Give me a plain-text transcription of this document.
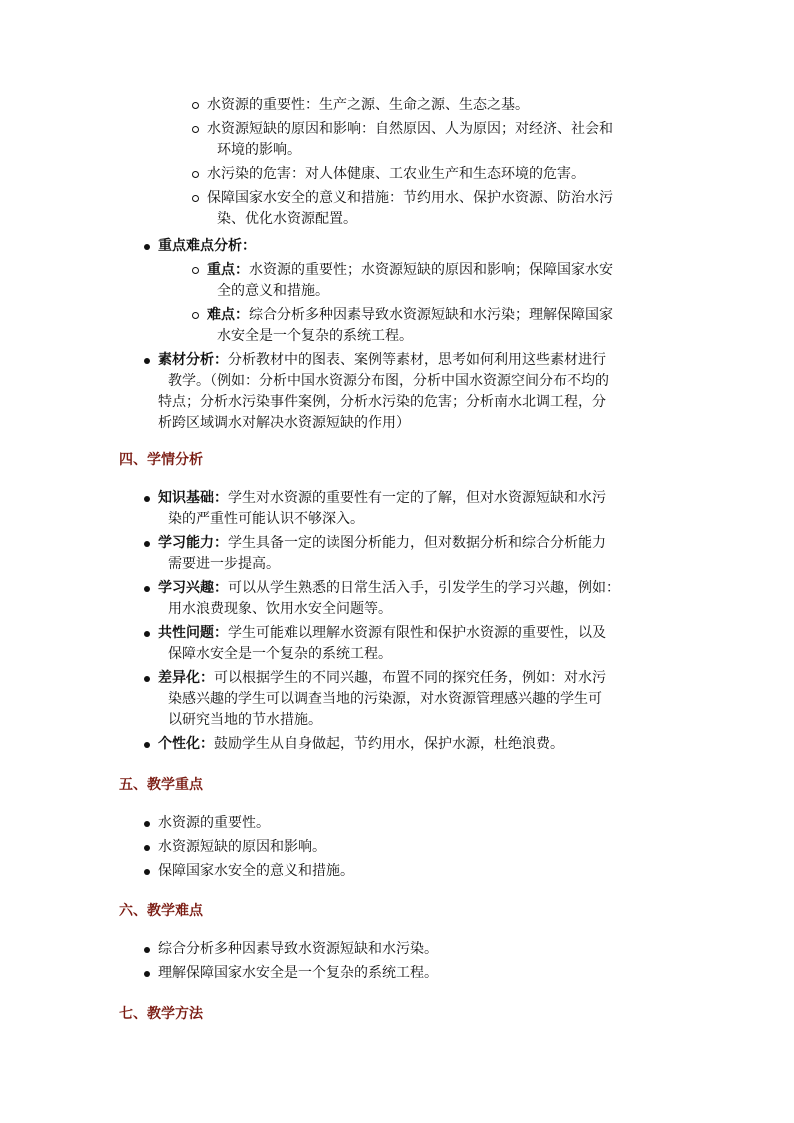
水资源的重要性：生产之源、生命之源、生态之基。
水资源短缺的原因和影响：自然原因、人为原因；对经济、社会和
环境的影响。
水污染的危害：对人体健康、工农业生产和生态环境的危害。
保障国家水安全的意义和措施：节约用水、保护水资源、防治水污
染、优化水资源配置。
重点难点分析：
重点：水资源的重要性；水资源短缺的原因和影响；保障国家水安
全的意义和措施。
难点：综合分析多种因素导致水资源短缺和水污染；理解保障国家
水安全是一个复杂的系统工程。
素材分析：分析教材中的图表、案例等素材，思考如何利用这些素材进行
教学。（例如：分析中国水资源分布图，分析中国水资源空间分布不均的
特点；分析水污染事件案例，分析水污染的危害；分析南水北调工程，分
析跨区域调水对解决水资源短缺的作用）
四、学情分析
知识基础：学生对水资源的重要性有一定的了解，但对水资源短缺和水污
染的严重性可能认识不够深入。
学习能力：学生具备一定的读图分析能力，但对数据分析和综合分析能力
需要进一步提高。
学习兴趣：可以从学生熟悉的日常生活入手，引发学生的学习兴趣，例如：
用水浪费现象、饮用水安全问题等。
共性问题：学生可能难以理解水资源有限性和保护水资源的重要性，以及
保障水安全是一个复杂的系统工程。
差异化：可以根据学生的不同兴趣，布置不同的探究任务，例如：对水污
染感兴趣的学生可以调查当地的污染源，对水资源管理感兴趣的学生可
以研究当地的节水措施。
个性化：鼓励学生从自身做起，节约用水，保护水源，杜绝浪费。
五、教学重点
水资源的重要性。
水资源短缺的原因和影响。
保障国家水安全的意义和措施。
六、教学难点
综合分析多种因素导致水资源短缺和水污染。
理解保障国家水安全是一个复杂的系统工程。
七、教学方法
